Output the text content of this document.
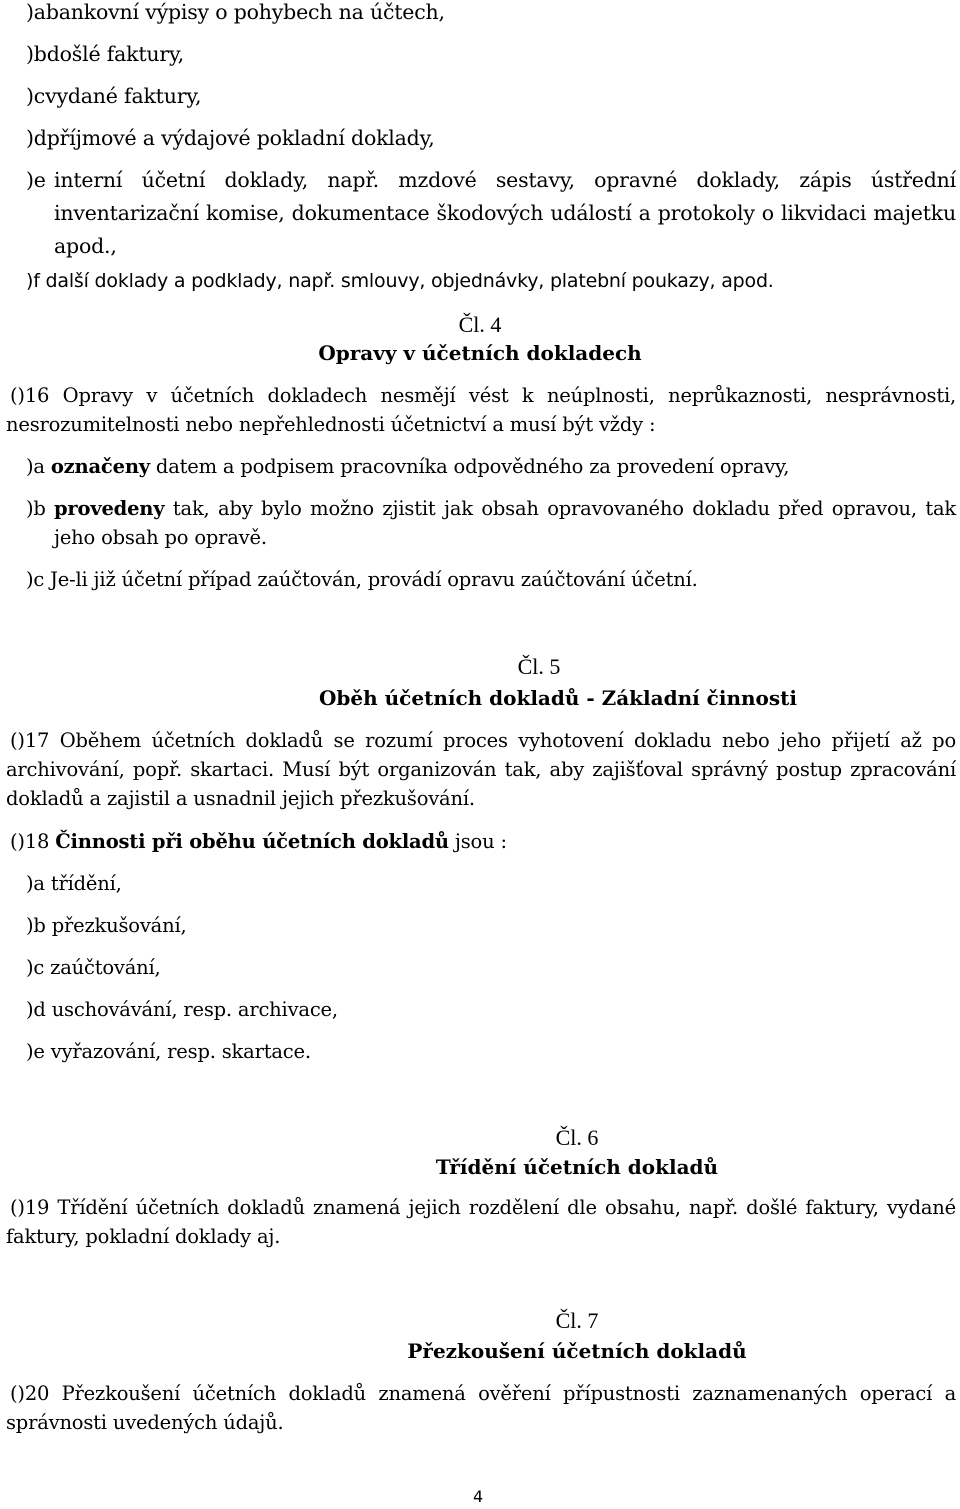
)abankovní výpisy o pohybech na účtech,
)bdošlé faktury,
)cvydané faktury,
)dpříjmové a výdajové pokladní doklady,
)e interní účetní doklady, např. mzdové sestavy, opravné doklady, zápis ústřední inventarizační komise, dokumentace škodových událostí a protokoly o likvidaci majetku apod.,
)f další doklady a podklady, např. smlouvy, objednávky, platební poukazy, apod.
Čl. 4
Opravy v účetních dokladech
()16 Opravy v účetních dokladech nesmějí vést k neúplnosti, neprůkaznosti, nesprávnosti, nesrozumitelnosti nebo nepřehlednosti účetnictví a musí být vždy :
)a označeny datem a podpisem pracovníka odpovědného za provedení opravy,
)b provedeny tak, aby bylo možno zjistit jak obsah opravovaného dokladu před opravou, tak jeho obsah po opravě.
)c Je-li již účetní případ zaúčtován, provádí opravu zaúčtování účetní.
Čl. 5
Oběh účetních dokladů - Základní činnosti
()17 Oběhem účetních dokladů se rozumí proces vyhotovení dokladu nebo jeho přijetí až po archivování, popř. skartaci. Musí být organizován tak, aby zajišťoval správný postup zpracování dokladů a zajistil a usnadnil jejich přezkušování.
()18 Činnosti při oběhu účetních dokladů jsou :
)a třídění,
)b přezkušování,
)c zaúčtování,
)d uschovávání, resp. archivace,
)e vyřazování, resp. skartace.
Čl. 6
Třídění účetních dokladů
()19 Třídění účetních dokladů znamená jejich rozdělení dle obsahu, např. došlé faktury, vydané faktury, pokladní doklady aj.
Čl. 7
Přezkoušení účetních dokladů
()20 Přezkoušení účetních dokladů znamená ověření přípustnosti zaznamenaných operací a správnosti uvedených údajů.
4
